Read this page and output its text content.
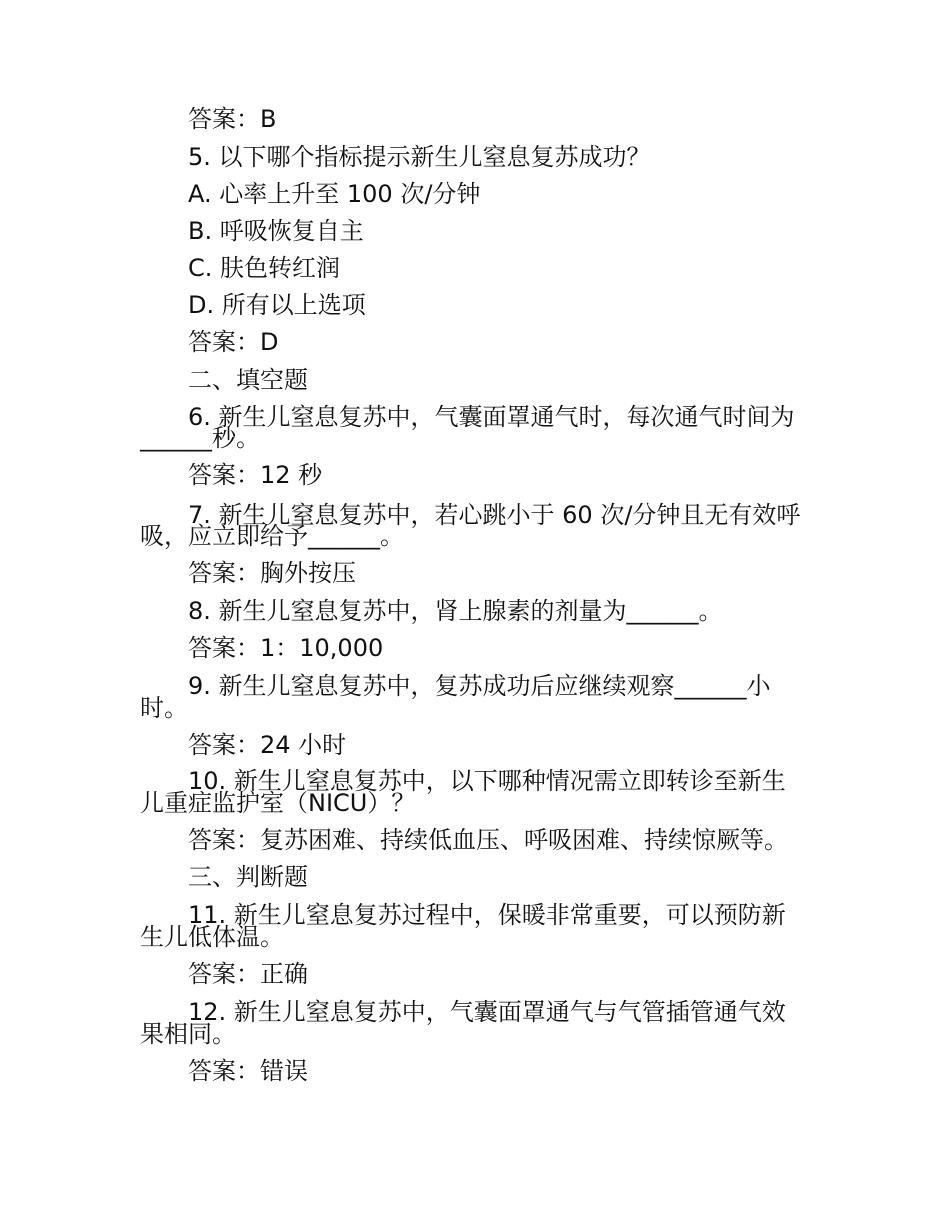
答案：B
5. 以下哪个指标提示新生儿窒息复苏成功？
A. 心率上升至 100 次/分钟
B. 呼吸恢复自主
C. 肤色转红润
D. 所有以上选项
答案：D
二、填空题
6. 新生儿窒息复苏中，气囊面罩通气时，每次通气时间为
______秒。
答案：12 秒
7. 新生儿窒息复苏中，若心跳小于 60 次/分钟且无有效呼
吸，应立即给予______。
答案：胸外按压
8. 新生儿窒息复苏中，肾上腺素的剂量为______。
答案：1：10,000
9. 新生儿窒息复苏中，复苏成功后应继续观察______小
时。
答案：24 小时
10. 新生儿窒息复苏中，以下哪种情况需立即转诊至新生
儿重症监护室（NICU）？
答案：复苏困难、持续低血压、呼吸困难、持续惊厥等。
三、判断题
11. 新生儿窒息复苏过程中，保暖非常重要，可以预防新
生儿低体温。
答案：正确
12. 新生儿窒息复苏中，气囊面罩通气与气管插管通气效
果相同。
答案：错误
